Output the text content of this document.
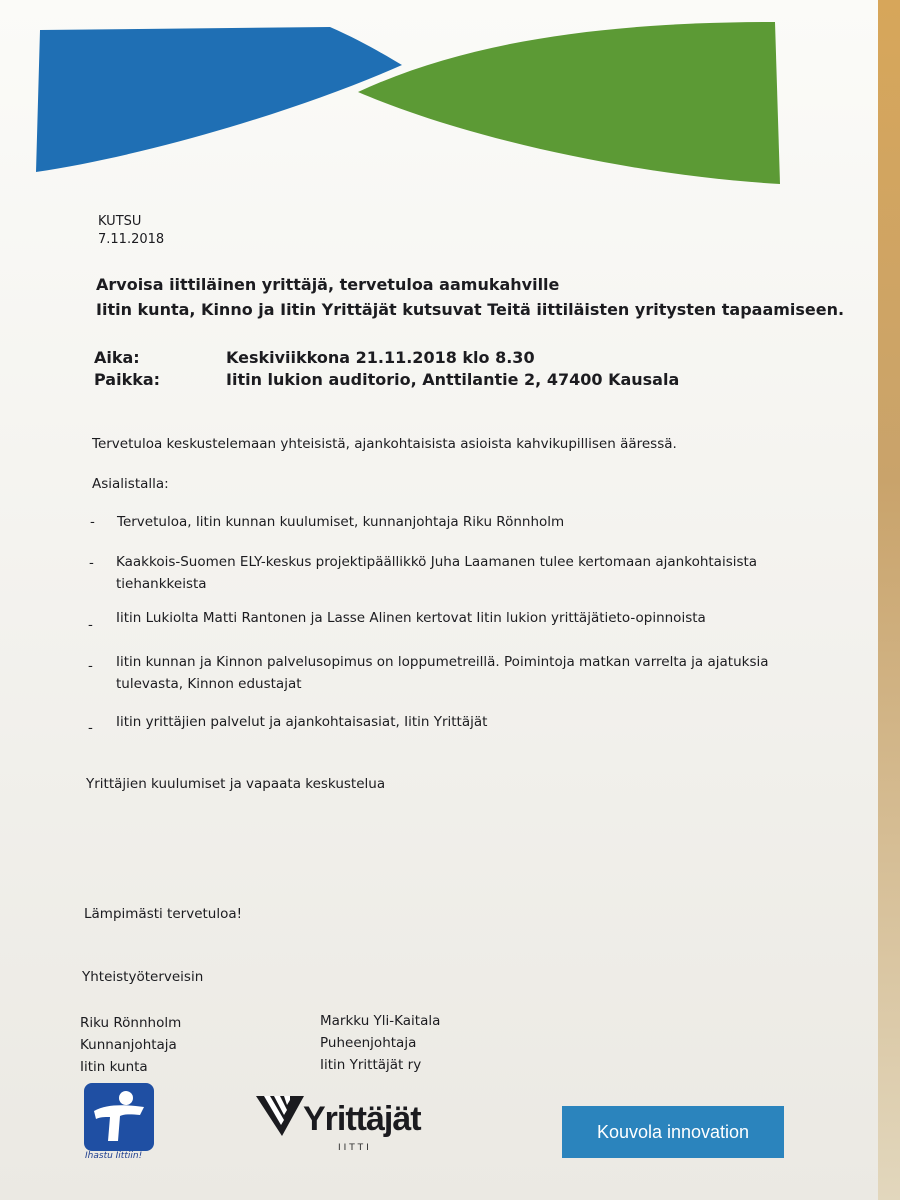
KUTSU
7.11.2018
Arvoisa iittiläinen yrittäjä, tervetuloa aamukahville
Iitin kunta, Kinno ja Iitin Yrittäjät kutsuvat Teitä iittiläisten yritysten tapaamiseen.
Aika:	Keskiviikkona 21.11.2018 klo 8.30
Paikka:	Iitin lukion auditorio, Anttilantie 2, 47400 Kausala
Tervetuloa keskustelemaan yhteisistä, ajankohtaisista asioista kahvikupillisen ääressä.
Asialistalla:
- Tervetuloa, Iitin kunnan kuulumiset, kunnanjohtaja Riku Rönnholm
- Kaakkois-Suomen ELY-keskus projektipäällikkö Juha Laamanen tulee kertomaan ajankohtaisista tiehankkeista
- Iitin Lukiolta Matti Rantonen ja Lasse Alinen kertovat Iitin lukion yrittäjätieto-opinnoista
- Iitin kunnan ja Kinnon palvelusopimus on loppumetreillä. Poimintoja matkan varrelta ja ajatuksia tulevasta, Kinnon edustajat
- Iitin yrittäjien palvelut ja ajankohtaisasiat, Iitin Yrittäjät
Yrittäjien kuulumiset ja vapaata keskustelua
Lämpimästi tervetuloa!
Yhteistyöterveisin
Riku Rönnholm
Kunnanjohtaja
Iitin kunta
Markku Yli-Kaitala
Puheenjohtaja
Iitin Yrittäjät ry
Ihastu Iittiin!
Yrittäjät
IITTI
Kouvola innovation
